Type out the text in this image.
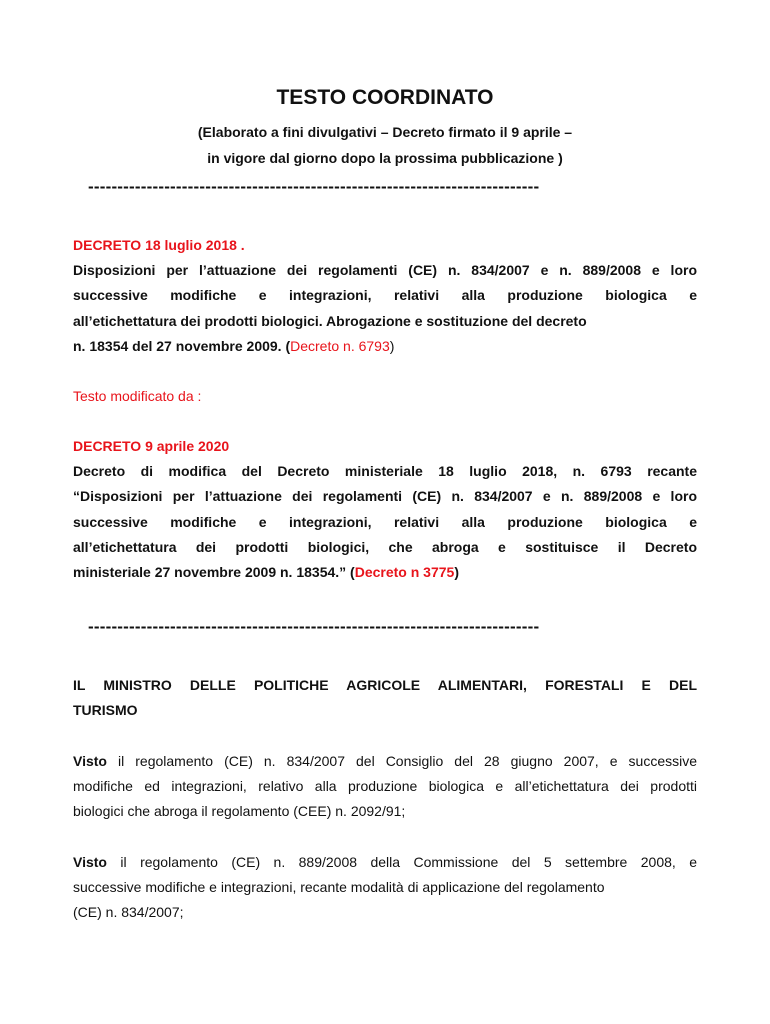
TESTO COORDINATO
(Elaborato a fini divulgativi – Decreto firmato il 9 aprile –
in vigore dal giorno dopo la prossima pubblicazione )
-----------------------------------------------------------------------------
DECRETO 18 luglio 2018 .
Disposizioni per l’attuazione dei regolamenti (CE) n. 834/2007 e n. 889/2008 e loro
successive modifiche e integrazioni, relativi alla produzione biologica e
all’etichettatura dei prodotti biologici. Abrogazione e sostituzione del decreto
n. 18354 del 27 novembre 2009. (Decreto n. 6793)
Testo modificato da :
DECRETO 9 aprile 2020
Decreto di modifica del Decreto ministeriale 18 luglio 2018, n. 6793 recante
“Disposizioni per l’attuazione dei regolamenti (CE) n. 834/2007 e n. 889/2008 e loro
successive modifiche e integrazioni, relativi alla produzione biologica e
all’etichettatura dei prodotti biologici, che abroga e sostituisce il Decreto
ministeriale 27 novembre 2009 n. 18354.” (Decreto n 3775)
-----------------------------------------------------------------------------
IL MINISTRO DELLE POLITICHE AGRICOLE ALIMENTARI, FORESTALI E DEL
TURISMO
Visto il regolamento (CE) n. 834/2007 del Consiglio del 28 giugno 2007, e successive
modifiche ed integrazioni, relativo alla produzione biologica e all’etichettatura dei prodotti
biologici che abroga il regolamento (CEE) n. 2092/91;
Visto il regolamento (CE) n. 889/2008 della Commissione del 5 settembre 2008, e
successive modifiche e integrazioni, recante modalità di applicazione del regolamento
(CE) n. 834/2007;
